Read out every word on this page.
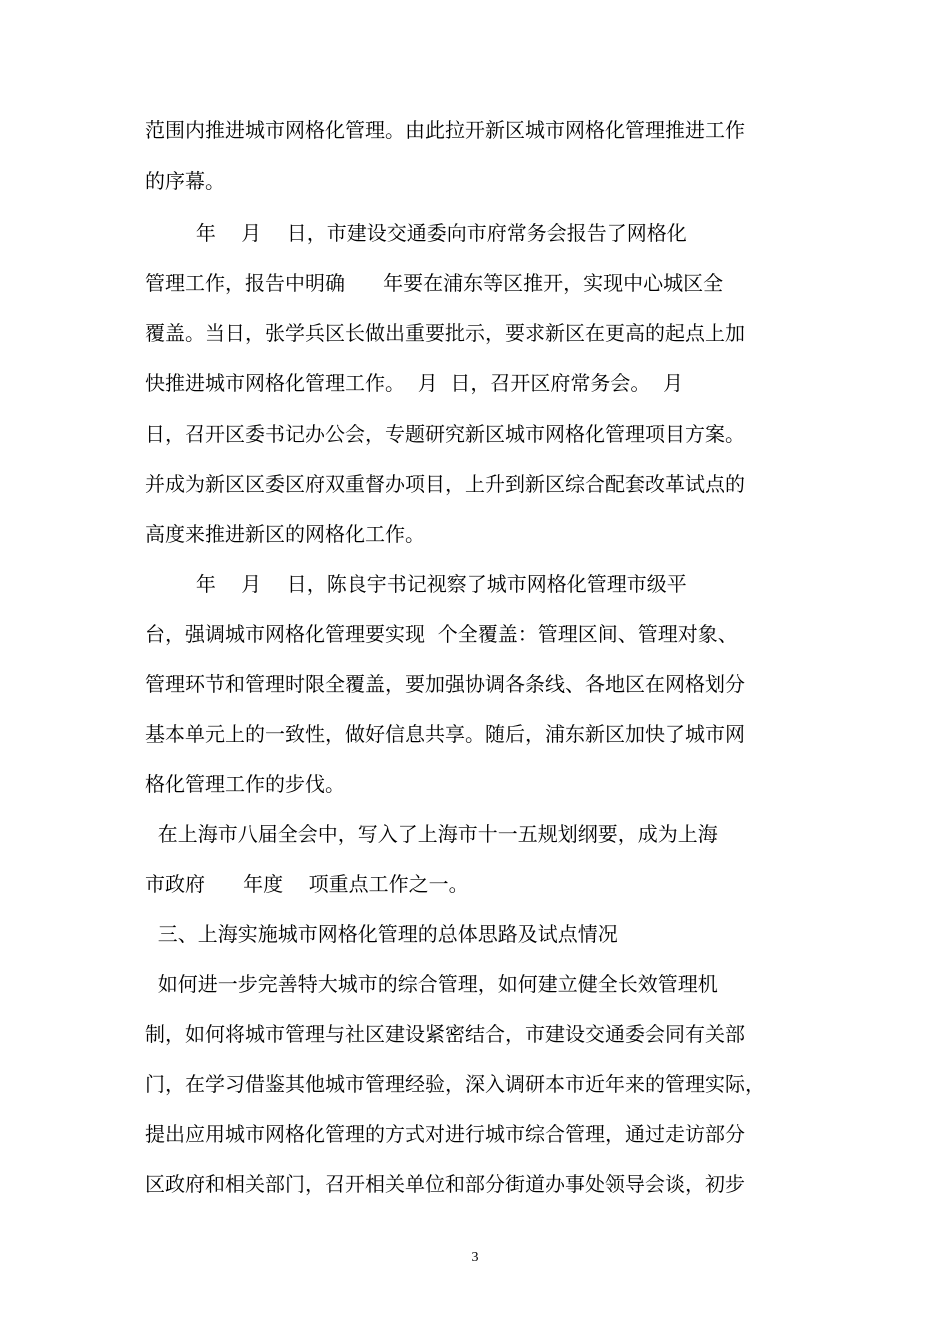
范围内推进城市网格化管理。由此拉开新区城市网格化管理推进工作

的序幕。

年    月    日，市建设交通委向市府常务会报告了网格化

管理工作，报告中明确      年要在浦东等区推开，实现中心城区全

覆盖。当日，张学兵区长做出重要批示，要求新区在更高的起点上加

快推进城市网格化管理工作。  月  日，召开区府常务会。  月

日，召开区委书记办公会，专题研究新区城市网格化管理项目方案。

并成为新区区委区府双重督办项目，上升到新区综合配套改革试点的

高度来推进新区的网格化工作。

年    月    日，陈良宇书记视察了城市网格化管理市级平

台，强调城市网格化管理要实现  个全覆盖：管理区间、管理对象、

管理环节和管理时限全覆盖，要加强协调各条线、各地区在网格划分

基本单元上的一致性，做好信息共享。随后，浦东新区加快了城市网

格化管理工作的步伐。

在上海市八届全会中，写入了上海市十一五规划纲要，成为上海

市政府      年度    项重点工作之一。

三、上海实施城市网格化管理的总体思路及试点情况

如何进一步完善特大城市的综合管理，如何建立健全长效管理机

制，如何将城市管理与社区建设紧密结合，市建设交通委会同有关部

门，在学习借鉴其他城市管理经验，深入调研本市近年来的管理实际，

提出应用城市网格化管理的方式对进行城市综合管理，通过走访部分

区政府和相关部门，召开相关单位和部分街道办事处领导会谈，初步

3
